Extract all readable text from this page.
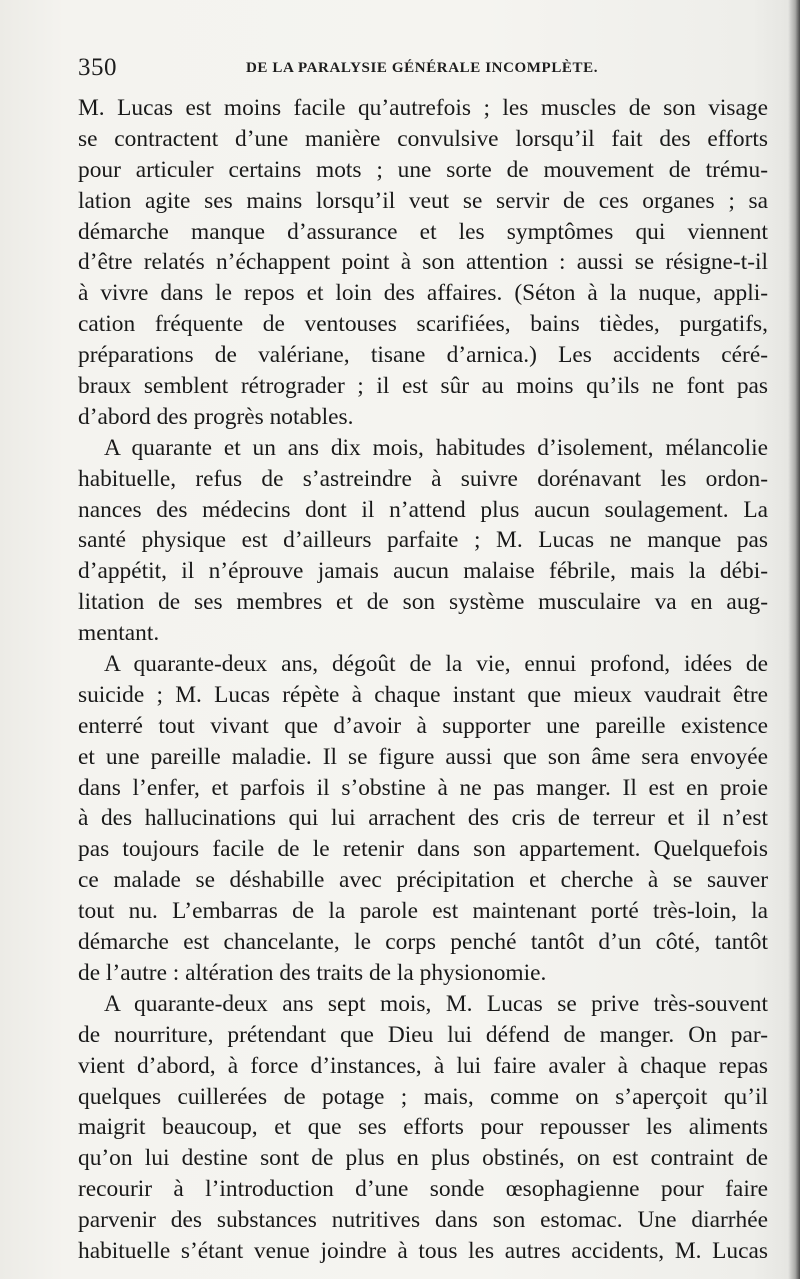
350	DE LA PARALYSIE GÉNÉRALE INCOMPLÈTE.
M. Lucas est moins facile qu’autrefois ; les muscles de son visage
se contractent d’une manière convulsive lorsqu’il fait des efforts
pour articuler certains mots ; une sorte de mouvement de trému-
lation agite ses mains lorsqu’il veut se servir de ces organes ; sa
démarche manque d’assurance et les symptômes qui viennent
d’être relatés n’échappent point à son attention : aussi se résigne-t-il
à vivre dans le repos et loin des affaires. (Séton à la nuque, appli-
cation fréquente de ventouses scarifiées, bains tièdes, purgatifs,
préparations de valériane, tisane d’arnica.) Les accidents céré-
braux semblent rétrograder ; il est sûr au moins qu’ils ne font pas
d’abord des progrès notables.
A quarante et un ans dix mois, habitudes d’isolement, mélancolie
habituelle, refus de s’astreindre à suivre dorénavant les ordon-
nances des médecins dont il n’attend plus aucun soulagement. La
santé physique est d’ailleurs parfaite ; M. Lucas ne manque pas
d’appétit, il n’éprouve jamais aucun malaise fébrile, mais la débi-
litation de ses membres et de son système musculaire va en aug-
mentant.
A quarante-deux ans, dégoût de la vie, ennui profond, idées de
suicide ; M. Lucas répète à chaque instant que mieux vaudrait être
enterré tout vivant que d’avoir à supporter une pareille existence
et une pareille maladie. Il se figure aussi que son âme sera envoyée
dans l’enfer, et parfois il s’obstine à ne pas manger. Il est en proie
à des hallucinations qui lui arrachent des cris de terreur et il n’est
pas toujours facile de le retenir dans son appartement. Quelquefois
ce malade se déshabille avec précipitation et cherche à se sauver
tout nu. L’embarras de la parole est maintenant porté très-loin, la
démarche est chancelante, le corps penché tantôt d’un côté, tantôt
de l’autre : altération des traits de la physionomie.
A quarante-deux ans sept mois, M. Lucas se prive très-souvent
de nourriture, prétendant que Dieu lui défend de manger. On par-
vient d’abord, à force d’instances, à lui faire avaler à chaque repas
quelques cuillerées de potage ; mais, comme on s’aperçoit qu’il
maigrit beaucoup, et que ses efforts pour repousser les aliments
qu’on lui destine sont de plus en plus obstinés, on est contraint de
recourir à l’introduction d’une sonde œsophagienne pour faire
parvenir des substances nutritives dans son estomac. Une diarrhée
habituelle s’étant venue joindre à tous les autres accidents, M. Lucas
